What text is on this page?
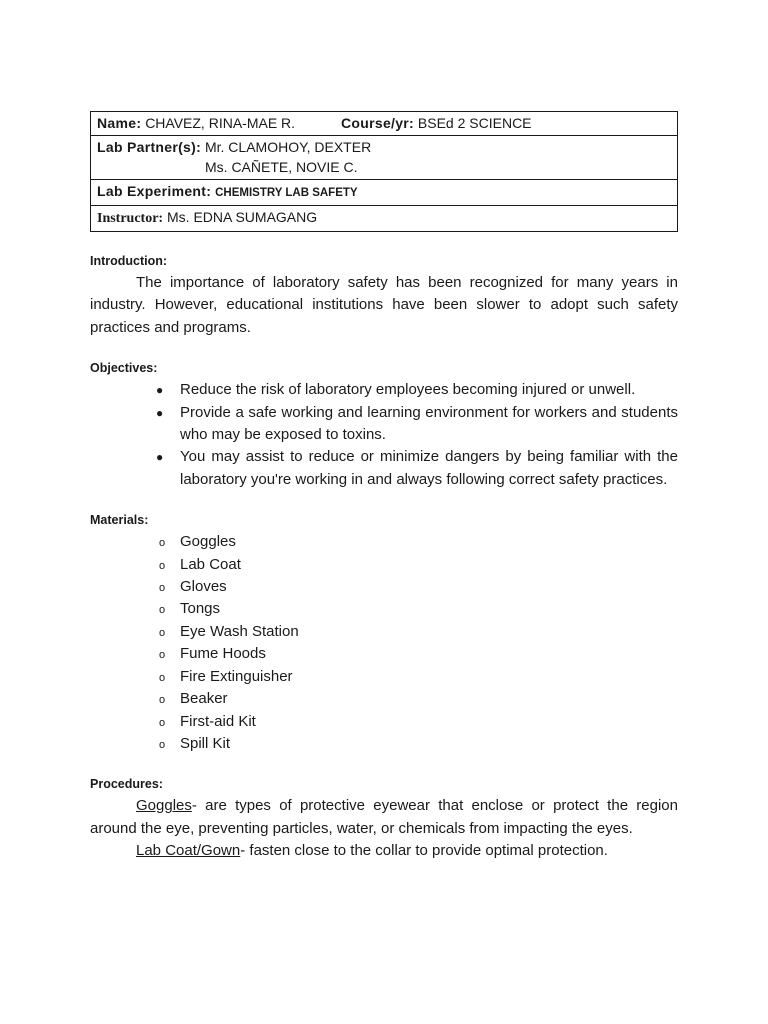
Name: CHAVEZ, RINA-MAE R.	Course/yr: BSEd 2 SCIENCE

Lab Partner(s): Mr. CLAMOHOY, DEXTER
Ms. CAÑETE, NOVIE C.

Lab Experiment: CHEMISTRY LAB SAFETY
Instructor: Ms. EDNA SUMAGANG
Introduction:

The importance of laboratory safety has been recognized for many years in industry. However, educational institutions have been slower to adopt such safety practices and programs.

Objectives:
● Reduce the risk of laboratory employees becoming injured or unwell.
● Provide a safe working and learning environment for workers and students who may be exposed to toxins.
● You may assist to reduce or minimize dangers by being familiar with the laboratory you're working in and always following correct safety practices.
Materials:
o Goggles
o Lab Coat
o Gloves
o Tongs
o Eye Wash Station
o Fume Hoods
o Fire Extinguisher
o Beaker
o First-aid Kit
o Spill Kit
Procedures:

Goggles- are types of protective eyewear that enclose or protect the region around the eye, preventing particles, water, or chemicals from impacting the eyes.

Lab Coat/Gown- fasten close to the collar to provide optimal protection.
